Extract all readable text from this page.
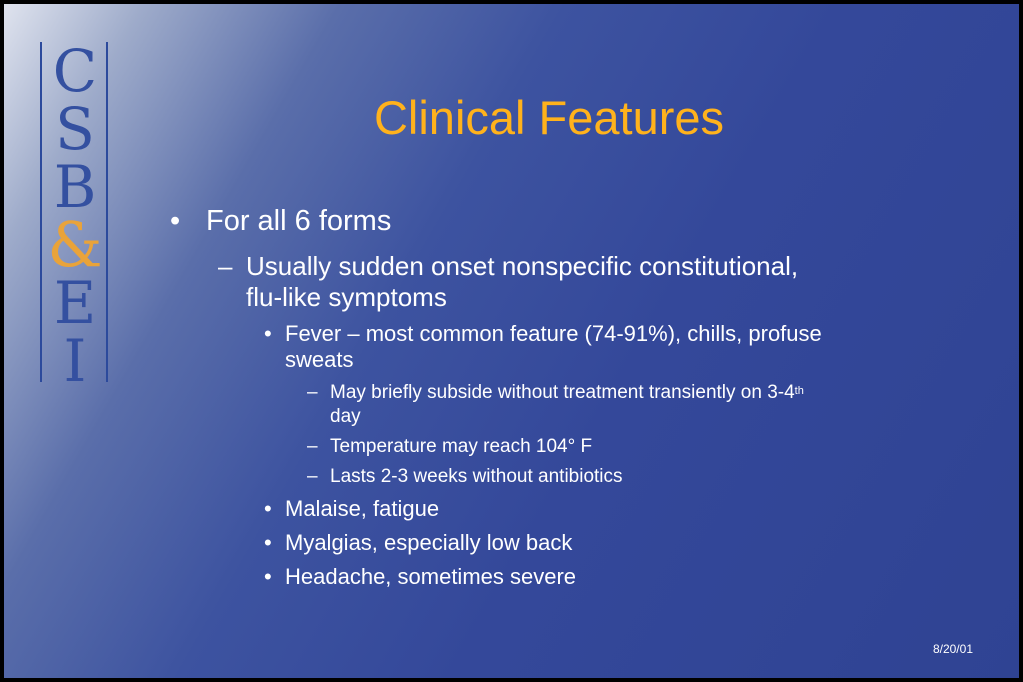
C
S
B
&
E
I
Clinical Features
• For all 6 forms
– Usually sudden onset nonspecific constitutional,
flu-like symptoms
• Fever – most common feature (74-91%), chills, profuse
sweats
– May briefly subside without treatment transiently on 3-4th
day
– Temperature may reach 104° F
– Lasts 2-3 weeks without antibiotics
• Malaise, fatigue
• Myalgias, especially low back
• Headache, sometimes severe
8/20/01
